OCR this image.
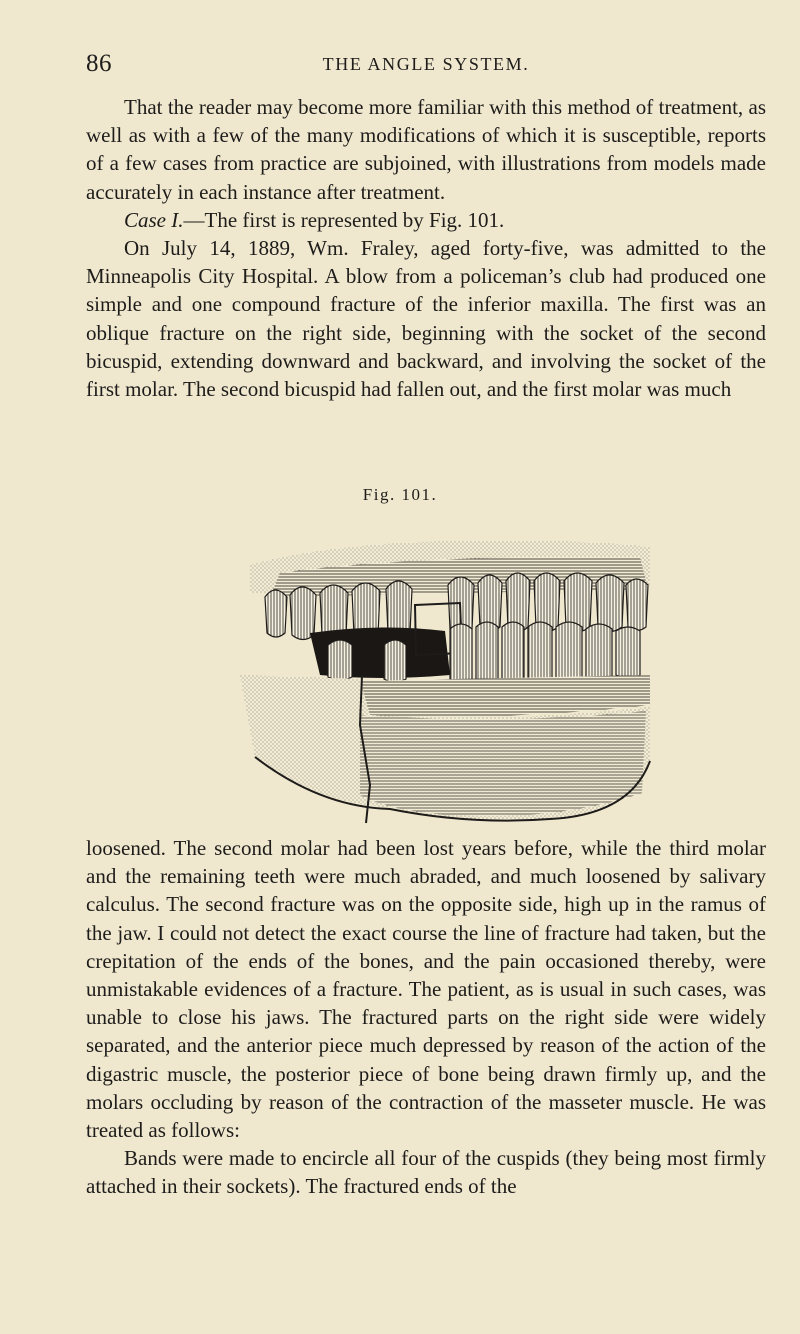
86	THE ANGLE SYSTEM.

That the reader may become more familiar with this method of treatment, as well as with a few of the many modifications of which it is susceptible, reports of a few cases from practice are subjoined, with illustrations from models made accurately in each instance after treatment.

Case I.—The first is represented by Fig. 101.

On July 14, 1889, Wm. Fraley, aged forty-five, was admitted to the Minneapolis City Hospital. A blow from a policeman’s club had produced one simple and one compound fracture of the inferior maxilla. The first was an oblique fracture on the right side, beginning with the socket of the second bicuspid, extending downward and backward, and involving the socket of the first molar. The second bicuspid had fallen out, and the first molar was much

Fig. 101.

loosened. The second molar had been lost years before, while the third molar and the remaining teeth were much abraded, and much loosened by salivary calculus. The second fracture was on the opposite side, high up in the ramus of the jaw. I could not detect the exact course the line of fracture had taken, but the crepitation of the ends of the bones, and the pain occasioned thereby, were unmistakable evidences of a fracture. The patient, as is usual in such cases, was unable to close his jaws. The fractured parts on the right side were widely separated, and the anterior piece much depressed by reason of the action of the digastric muscle, the posterior piece of bone being drawn firmly up, and the molars occluding by reason of the contraction of the masseter muscle. He was treated as follows:

Bands were made to encircle all four of the cuspids (they being most firmly attached in their sockets). The fractured ends of the
